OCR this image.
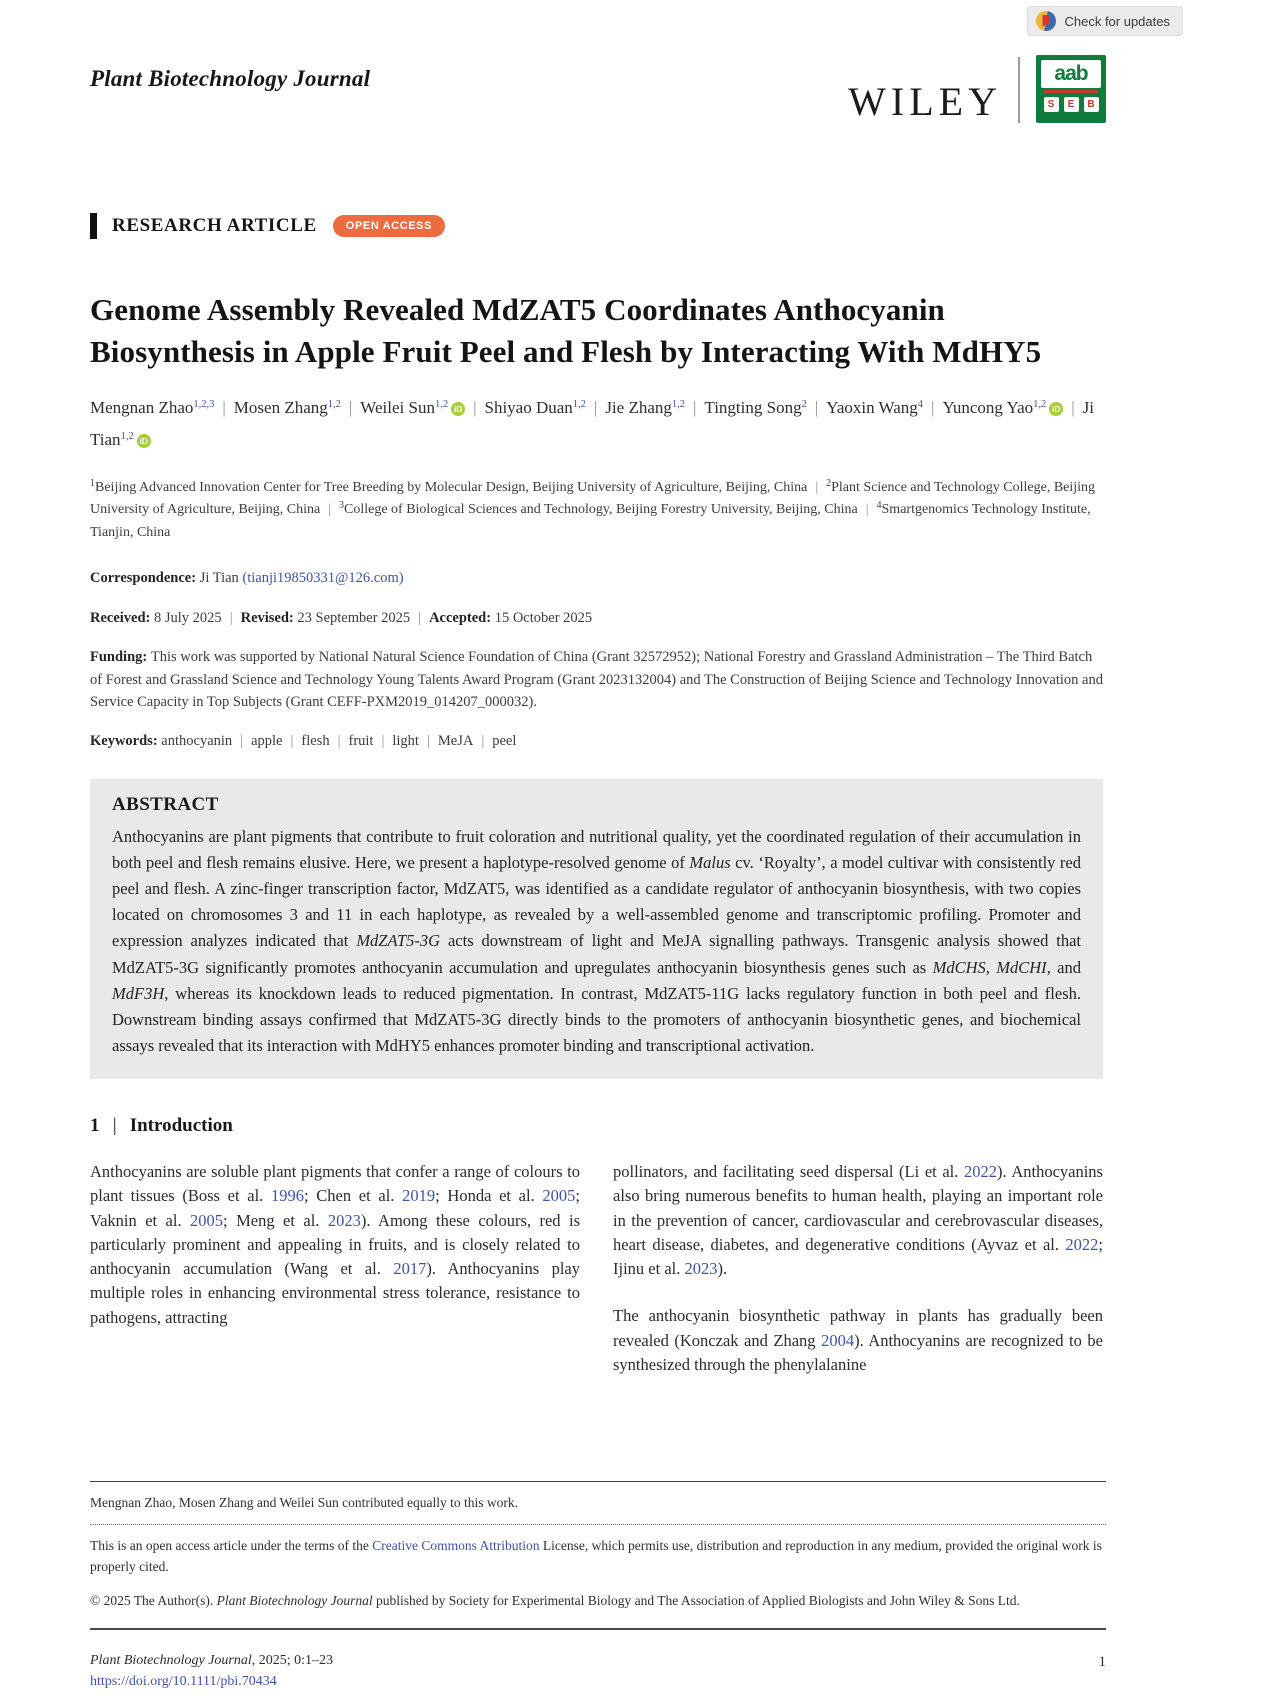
Check for updates
Plant Biotechnology Journal
WILEY
aab
S	E	B
RESEARCH ARTICLE	OPEN ACCESS
Genome Assembly Revealed MdZAT5 Coordinates Anthocyanin Biosynthesis in Apple Fruit Peel and Flesh by Interacting With MdHY5
Mengnan Zhao$^{1,2,3}$ | Mosen Zhang$^{1,2}$ | Weilei Sun$^{1,2}$ iD | Shiyao Duan$^{1,2}$ | Jie Zhang$^{1,2}$ | Tingting Song$^2$ | Yaoxin Wang$^4$ | Yuncong Yao$^{1,2}$ iD | Ji Tian$^{1,2}$ iD
$^1$Beijing Advanced Innovation Center for Tree Breeding by Molecular Design, Beijing University of Agriculture, Beijing, China | $^2$Plant Science and Technology College, Beijing University of Agriculture, Beijing, China | $^3$College of Biological Sciences and Technology, Beijing Forestry University, Beijing, China | $^4$Smartgenomics Technology Institute, Tianjin, China
Correspondence: Ji Tian (tianji19850331@126.com)
Received: 8 July 2025 | Revised: 23 September 2025 | Accepted: 15 October 2025
Funding: This work was supported by National Natural Science Foundation of China (Grant 32572952); National Forestry and Grassland Administration – The Third Batch of Forest and Grassland Science and Technology Young Talents Award Program (Grant 2023132004) and The Construction of Beijing Science and Technology Innovation and Service Capacity in Top Subjects (Grant CEFF-PXM2019_014207_000032).
Keywords: anthocyanin | apple | flesh | fruit | light | MeJA | peel
ABSTRACT
Anthocyanins are plant pigments that contribute to fruit coloration and nutritional quality, yet the coordinated regulation of their accumulation in both peel and flesh remains elusive. Here, we present a haplotype-resolved genome of Malus cv. ‘Royalty’, a model cultivar with consistently red peel and flesh. A zinc-finger transcription factor, MdZAT5, was identified as a candidate regulator of anthocyanin biosynthesis, with two copies located on chromosomes 3 and 11 in each haplotype, as revealed by a well-assembled genome and transcriptomic profiling. Promoter and expression analyzes indicated that MdZAT5-3G acts downstream of light and MeJA signalling pathways. Transgenic analysis showed that MdZAT5-3G significantly promotes anthocyanin accumulation and upregulates anthocyanin biosynthesis genes such as MdCHS, MdCHI, and MdF3H, whereas its knockdown leads to reduced pigmentation. In contrast, MdZAT5-11G lacks regulatory function in both peel and flesh. Downstream binding assays confirmed that MdZAT5-3G directly binds to the promoters of anthocyanin biosynthetic genes, and biochemical assays revealed that its interaction with MdHY5 enhances promoter binding and transcriptional activation.
1 | Introduction

Anthocyanins are soluble plant pigments that confer a range of colours to plant tissues (Boss et al. 1996; Chen et al. 2019; Honda et al. 2005; Vaknin et al. 2005; Meng et al. 2023). Among these colours, red is particularly prominent and appealing in fruits, and is closely related to anthocyanin accumulation (Wang et al. 2017). Anthocyanins play multiple roles in enhancing environmental stress tolerance, resistance to pathogens, attracting

pollinators, and facilitating seed dispersal (Li et al. 2022). Anthocyanins also bring numerous benefits to human health, playing an important role in the prevention of cancer, cardiovascular and cerebrovascular diseases, heart disease, diabetes, and degenerative conditions (Ayvaz et al. 2022; Ijinu et al. 2023).

The anthocyanin biosynthetic pathway in plants has gradually been revealed (Konczak and Zhang 2004). Anthocyanins are recognized to be synthesized through the phenylalanine

Mengnan Zhao, Mosen Zhang and Weilei Sun contributed equally to this work.
This is an open access article under the terms of the Creative Commons Attribution License, which permits use, distribution and reproduction in any medium, provided the original work is properly cited.
© 2025 The Author(s). Plant Biotechnology Journal published by Society for Experimental Biology and The Association of Applied Biologists and John Wiley & Sons Ltd.
Plant Biotechnology Journal, 2025; 0:1–23
https://doi.org/10.1111/pbi.70434
1
